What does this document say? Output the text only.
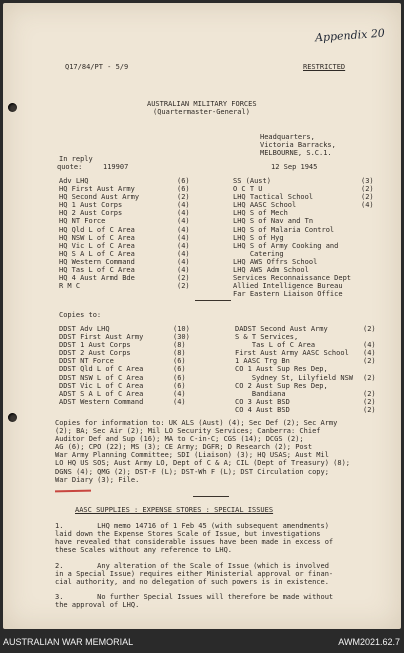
Appendix 20
Q17/84/PT - 5/9	RESTRICTED
AUSTRALIAN MILITARY FORCES
(Quartermaster-General)
Headquarters,
Victoria Barracks,
MELBOURNE, S.C.1.
In reply
quote:	119907	12 Sep 1945
Adv LHQ	(6)
HQ First Aust Army	(6)
HQ Second Aust Army	(2)
HQ 1 Aust Corps	(4)
HQ 2 Aust Corps	(4)
HQ NT Force	(4)
HQ Qld L of C Area	(4)
HQ NSW L of C Area	(4)
HQ Vic L of C Area	(4)
HQ S A L of C Area	(4)
HQ Western Command	(4)
HQ Tas L of C Area	(4)
HQ 4 Aust Armd Bde	(2)
R M C	(2)
SS (Aust)	(3)
O C T U	(2)
LHQ Tactical School	(2)
LHQ AASC School	(4)
LHQ S of Mech
LHQ S of Nav and Tn
LHQ S of Malaria Control
LHQ S of Hyg
LHQ S of Army Cooking and
Catering
LHQ AWS Offrs School
LHQ AWS Adm School
Services Reconnaissance Dept
Allied Intelligence Bureau
Far Eastern Liaison Office
Copies to:
DDST Adv LHQ	(10)
DDST First Aust Army	(30)
DDST 1 Aust Corps	(8)
DDST 2 Aust Corps	(8)
DDST NT Force	(6)
DDST Qld L of C Area	(6)
DDST NSW L of C Area	(6)
DDST Vic L of C Area	(6)
ADST S A L of C Area	(4)
ADST Western Command	(4)
DADST Second Aust Army	(2)
S & T Services,
Tas L of C Area	(4)
First Aust Army AASC School (4)
1 AASC Trg Bn	(2)
CO 1 Aust Sup Res Dep,
Sydney St, Lilyfield NSW (2)
CO 2 Aust Sup Res Dep,
Bandiana	(2)
CO 3 Aust BSD	(2)
CO 4 Aust BSD	(2)
Copies for information to: UK ALS (Aust) (4); Sec Def (2); Sec Army
(2); BA; Sec Air (2); Mil LO Security Services; Canberra: Chief
Auditor Def and Sup (16); MA to C-in-C; CGS (14); DCGS (2);
AG (6); CPO (22); MS (3); CE Army; DGFR; D Research (2); Post
War Army Planning Committee; SDI (Liaison) (3); HQ USAS; Aust Mil
LO HQ US SOS; Aust Army LO, Dept of C & A; CIL (Dept of Treasury) (8);
DGNS (4); QMG (2); DST-F (L); DST-Wh F (L); DST Circulation copy;
War Diary (3); File.
AASC SUPPLIES : EXPENSE STORES : SPECIAL ISSUES
1.        LHQ memo 14716 of 1 Feb 45 (with subsequent amendments)
laid down the Expense Stores Scale of Issue, but investigations
have revealed that considerable issues have been made in excess of
these Scales without any reference to LHQ.
2.        Any alteration of the Scale of Issue (which is involved
in a Special Issue) requires either Ministerial approval or finan-
cial authority, and no delegation of such powers is in existence.
3.        No further Special Issues will therefore be made without
the approval of LHQ.
AUSTRALIAN WAR MEMORIAL	AWM2021.62.7
